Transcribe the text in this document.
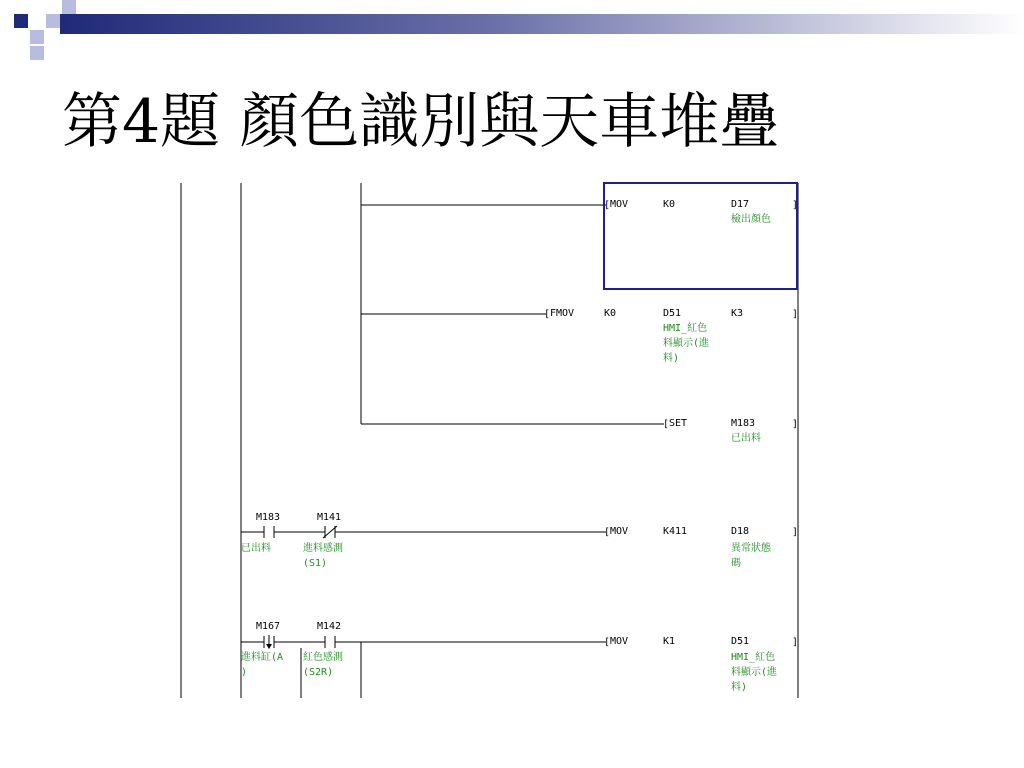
第4題 顏色識別與天車堆疊
[ MOV	K0	D17
檢出顏色
]
[ FMOV	K0	D51
HMI_紅色
料顯示(進
料)
K3	]
[ SET	M183
已出料
]
M183
已出料
M141
進料感測
(S1)
[ MOV	K411	D18
異常狀態
碼
]
M167
進料缸(A
)
M142
紅色感測
(S2R)
[ MOV	K1	D51
HMI_紅色
料顯示(進
料)
]
